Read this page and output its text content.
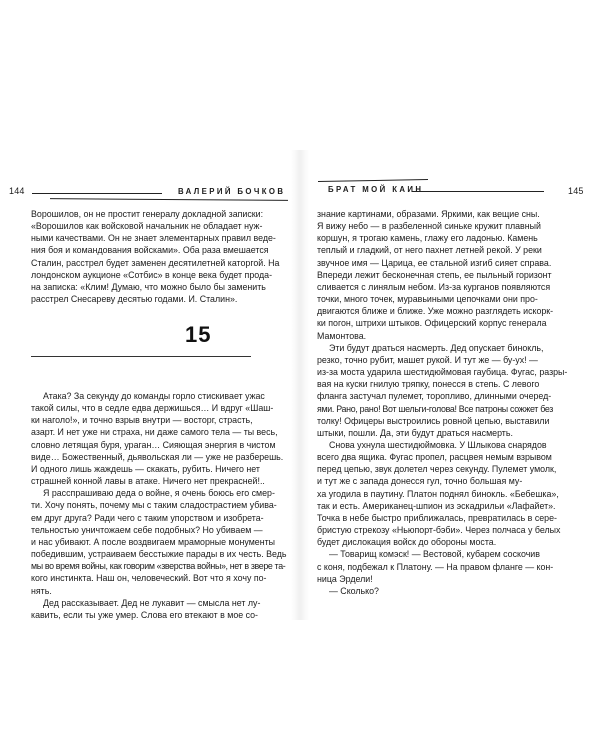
144	ВАЛЕРИЙ БОЧКОВ	БРАТ МОЙ КАИН	145
Ворошилов, он не простит генералу докладной записки:
«Ворошилов как войсковой начальник не обладает нуж-
ными качествами. Он не знает элементарных правил веде-
ния боя и командования войсками». Оба раза вмешается
Сталин, расстрел будет заменен десятилетней каторгой. На
лондонском аукционе «Сотбис» в конце века будет прода-
на записка: «Клим! Думаю, что можно было бы заменить
расстрел Снесареву десятью годами. И. Сталин».
15
Атака? За секунду до команды горло стискивает ужас
такой силы, что в седле едва держишься… И вдруг «Шаш-
ки наголо!», и точно взрыв внутри — восторг, страсть,
азарт. И нет уже ни страха, ни даже самого тела — ты весь,
словно летящая буря, ураган… Сияющая энергия в чистом
виде… Божественный, дьявольская ли — уже не разберешь.
И одного лишь жаждешь — скакать, рубить. Ничего нет
страшней конной лавы в атаке. Ничего нет прекрасней!..
Я расспрашиваю деда о войне, я очень боюсь его смер-
ти. Хочу понять, почему мы с таким сладострастием убива-
ем друг друга? Ради чего с таким упорством и изобрета-
тельностью уничтожаем себе подобных? Но убиваем —
и нас убивают. А после воздвигаем мраморные монументы
победившим, устраиваем бесстыжие парады в их честь. Ведь
мы во время войны, как говорим «зверства войны», нет в звере та-
кого инстинкта. Наш он, человеческий. Вот что я хочу по-
нять.
Дед рассказывает. Дед не лукавит — смысла нет лу-
кавить, если ты уже умер. Слова его втекают в мое со-
знание картинами, образами. Яркими, как вещие сны.
Я вижу небо — в разбеленной синьке кружит плавный
коршун, я трогаю камень, глажу его ладонью. Камень
теплый и гладкий, от него пахнет летней рекой. У реки
звучное имя — Царица, ее стальной изгиб сияет справа.
Впереди лежит бесконечная степь, ее пыльный горизонт
сливается с линялым небом. Из-за курганов появляются
точки, много точек, муравьиными цепочками они про-
двигаются ближе и ближе. Уже можно разглядеть искорк-
ки погон, штрихи штыков. Офицерский корпус генерала
Мамонтова.
Эти будут драться насмерть. Дед опускает бинокль,
резко, точно рубит, машет рукой. И тут же — бу-ух! —
из-за моста ударила шестидюймовая гаубица. Фугас, разры-
вая на куски гнилую тряпку, понесся в степь. С левого
фланга застучал пулемет, торопливо, длинными очеред-
ями. Рано, рано! Вот шельги-голова! Все патроны сожжет без
толку! Офицеры выстроились ровной цепью, выставили
штыки, пошли. Да, эти будут драться насмерть.
Снова ухнула шестидюймовка. У Шлыкова снарядов
всего два ящика. Фугас пропел, расцвея немым взрывом
перед цепью, звук долетел через секунду. Пулемет умолк,
и тут же с запада донесся гул, точно большая му-
ха угодила в паутину. Платон поднял бинокль. «Бебешка»,
так и есть. Американец-шпион из эскадрильи «Лафайет».
Точка в небе быстро приближалась, превратилась в сере-
бристую стрекозу «Ньюпорт-бэби». Через полчаса у белых
будет дислокация войск до обороны моста.
— Товарищ комэск! — Вестовой, кубарем соскочив
с коня, подбежал к Платону. — На правом фланге — кон-
ница Эрдели!
— Сколько?
